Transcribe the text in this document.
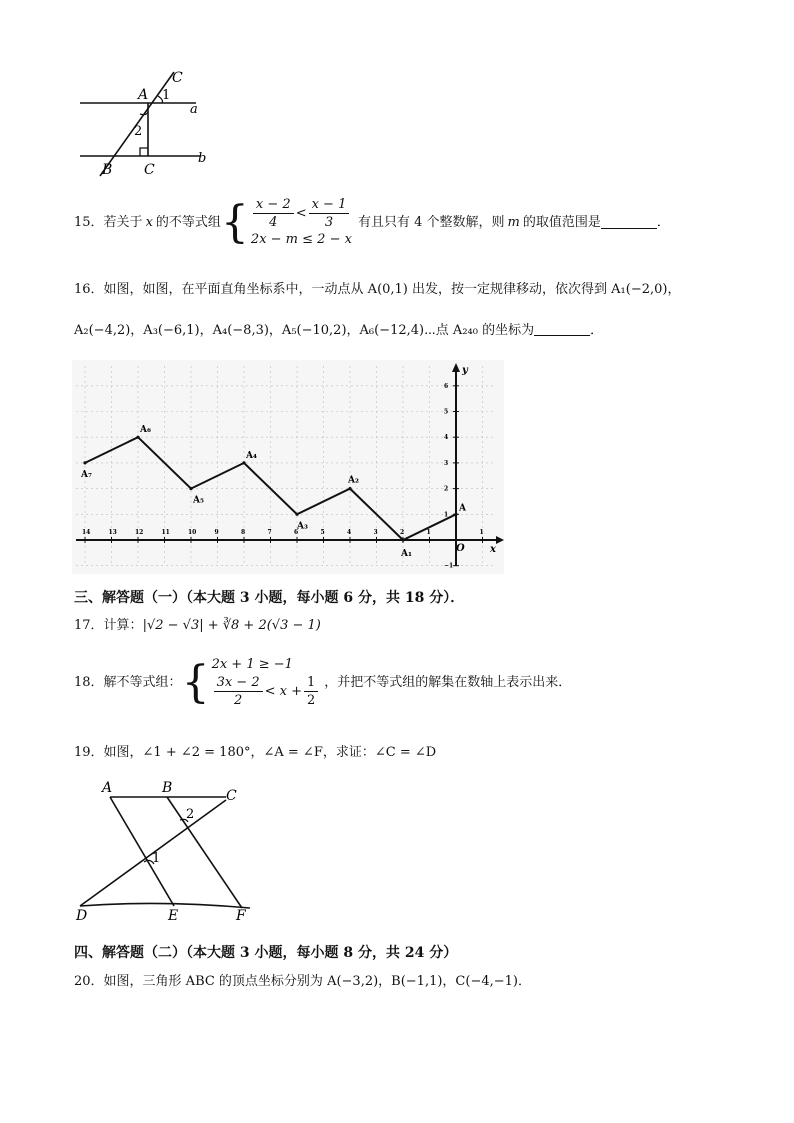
A
C
1
a
2
B C
b
15． 若关于 x 的不等式组 { $\frac{x - 2}{4} < \frac{x - 1}{3}$
2x − m ≤ 2 − x
有且只有 4 个整数解，则 m 的取值范围是	．
16．如图，如图，在平面直角坐标系中，一动点从 A(0,1) 出发，按一定规律移动，依次得到 A₁(−2,0)，
A₂(−4,2)，A₃(−6,1)，A₄(−8,3)，A₅(−10,2)，A₆(−12,4)⋯点 A₂₄₀ 的坐标为	．
y
x
O
14	13	12	11	10	9	8	7	6	5	4	3	2	1	1
6
5
4
3
2
1
−1
A₇
A₆
A₅
A₄
A₃
A₂
A₁
A
三、解答题（一）（本大题 3 小题，每小题 6 分，共 18 分）．
17．计算：|√2 − √3| + ∛8 + 2(√3 − 1)
18． 解不等式组： { 2x + 1 ≥ −1
$\frac{3x - 2}{2} < x + \frac{1}{2}$ ，并把不等式组的解集在数轴上表示出来．
19．如图，∠1 + ∠2 = 180°，∠A = ∠F，求证：∠C = ∠D
A	B	C
2
1
D	E	F
四、解答题（二）（本大题 3 小题，每小题 8 分，共 24 分）
20．如图，三角形 ABC 的顶点坐标分别为 A(−3,2)，B(−1,1)，C(−4,−1)．
